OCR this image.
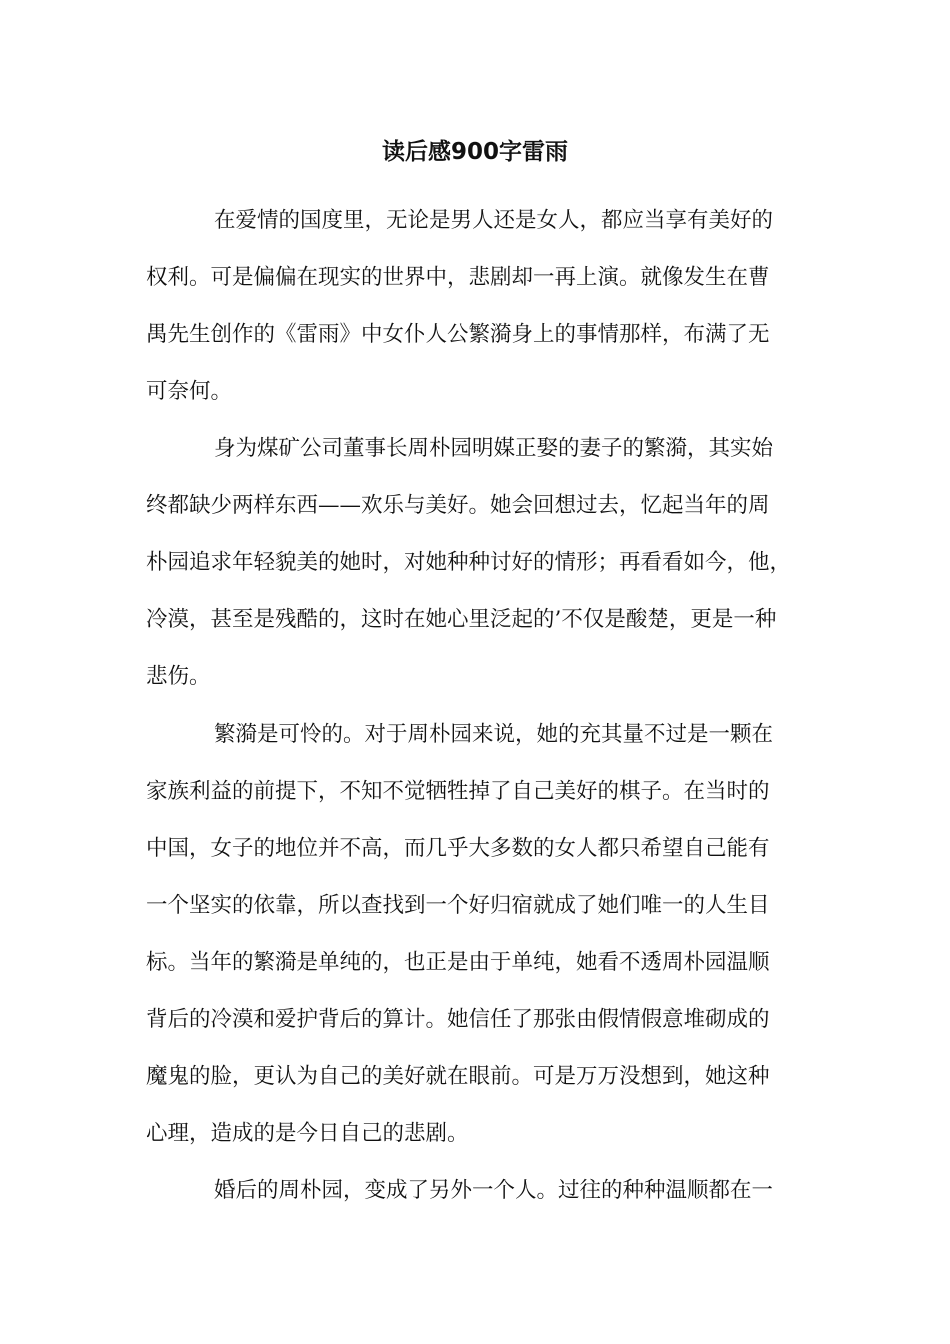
读后感900字雷雨
在爱情的国度里，无论是男人还是女人，都应当享有美好的
权利。可是偏偏在现实的世界中，悲剧却一再上演。就像发生在曹
禺先生创作的《雷雨》中女仆人公繁漪身上的事情那样，布满了无
可奈何。
身为煤矿公司董事长周朴园明媒正娶的妻子的繁漪，其实始
终都缺少两样东西——欢乐与美好。她会回想过去，忆起当年的周
朴园追求年轻貌美的她时，对她种种讨好的情形；再看看如今，他，
冷漠，甚至是残酷的，这时在她心里泛起的’不仅是酸楚，更是一种
悲伤。
繁漪是可怜的。对于周朴园来说，她的充其量不过是一颗在
家族利益的前提下，不知不觉牺牲掉了自己美好的棋子。在当时的
中国，女子的地位并不高，而几乎大多数的女人都只希望自己能有
一个坚实的依靠，所以查找到一个好归宿就成了她们唯一的人生目
标。当年的繁漪是单纯的，也正是由于单纯，她看不透周朴园温顺
背后的冷漠和爱护背后的算计。她信任了那张由假情假意堆砌成的
魔鬼的脸，更认为自己的美好就在眼前。可是万万没想到，她这种
心理，造成的是今日自己的悲剧。
婚后的周朴园，变成了另外一个人。过往的种种温顺都在一
